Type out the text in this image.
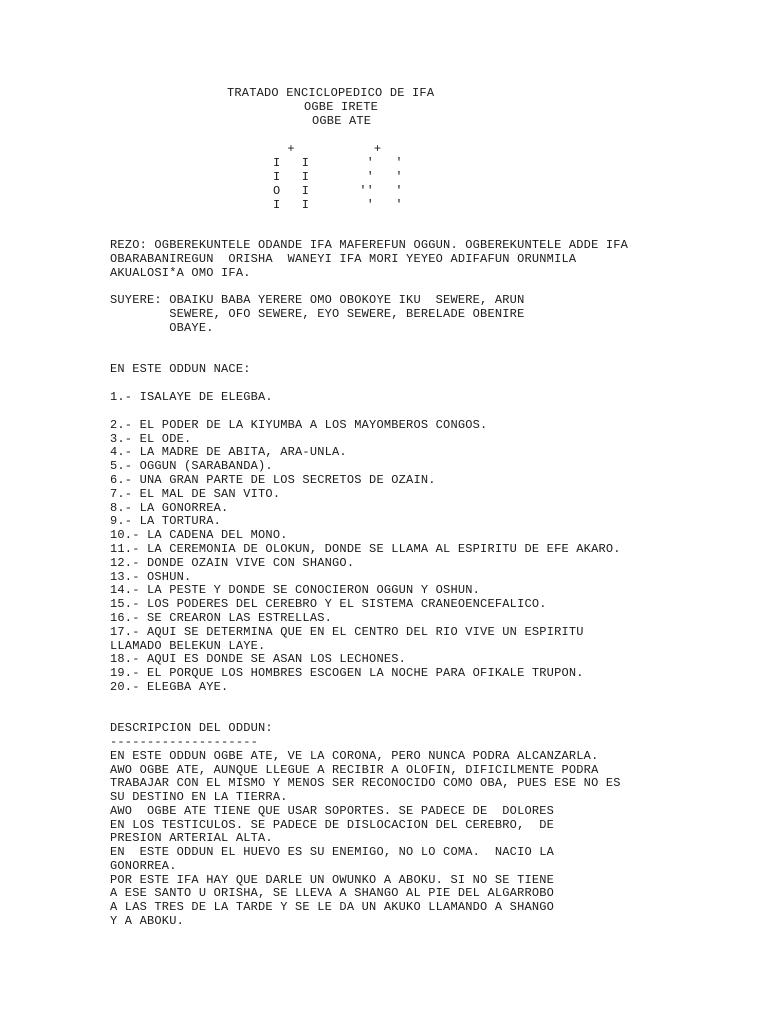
TRATADO ENCICLOPEDICO DE IFA
OGBE IRETE
OGBE ATE
+           +
I   I        '   '
I   I        '   '
O   I       ''   '
I   I        '   '
REZO: OGBEREKUNTELE ODANDE IFA MAFEREFUN OGGUN. OGBEREKUNTELE ADDE IFA
OBARABANIREGUN  ORISHA  WANEYI IFA MORI YEYEO ADIFAFUN ORUNMILA
AKUALOSI*A OMO IFA.
SUYERE: OBAIKU BABA YERERE OMO OBOKOYE IKU  SEWERE, ARUN
SEWERE, OFO SEWERE, EYO SEWERE, BERELADE OBENIRE
OBAYE.
EN ESTE ODDUN NACE:
1.- ISALAYE DE ELEGBA.
2.- EL PODER DE LA KIYUMBA A LOS MAYOMBEROS CONGOS.
3.- EL ODE.
4.- LA MADRE DE ABITA, ARA-UNLA.
5.- OGGUN (SARABANDA).
6.- UNA GRAN PARTE DE LOS SECRETOS DE OZAIN.
7.- EL MAL DE SAN VITO.
8.- LA GONORREA.
9.- LA TORTURA.
10.- LA CADENA DEL MONO.
11.- LA CEREMONIA DE OLOKUN, DONDE SE LLAMA AL ESPIRITU DE EFE AKARO.
12.- DONDE OZAIN VIVE CON SHANGO.
13.- OSHUN.
14.- LA PESTE Y DONDE SE CONOCIERON OGGUN Y OSHUN.
15.- LOS PODERES DEL CEREBRO Y EL SISTEMA CRANEOENCEFALICO.
16.- SE CREARON LAS ESTRELLAS.
17.- AQUI SE DETERMINA QUE EN EL CENTRO DEL RIO VIVE UN ESPIRITU
LLAMADO BELEKUN LAYE.
18.- AQUI ES DONDE SE ASAN LOS LECHONES.
19.- EL PORQUE LOS HOMBRES ESCOGEN LA NOCHE PARA OFIKALE TRUPON.
20.- ELEGBA AYE.
DESCRIPCION DEL ODDUN:
--------------------
EN ESTE ODDUN OGBE ATE, VE LA CORONA, PERO NUNCA PODRA ALCANZARLA.
AWO OGBE ATE, AUNQUE LLEGUE A RECIBIR A OLOFIN, DIFICILMENTE PODRA
TRABAJAR CON EL MISMO Y MENOS SER RECONOCIDO COMO OBA, PUES ESE NO ES
SU DESTINO EN LA TIERRA.
AWO  OGBE ATE TIENE QUE USAR SOPORTES. SE PADECE DE  DOLORES
EN LOS TESTICULOS. SE PADECE DE DISLOCACION DEL CEREBRO,  DE
PRESION ARTERIAL ALTA.
EN  ESTE ODDUN EL HUEVO ES SU ENEMIGO, NO LO COMA.  NACIO LA
GONORREA.
POR ESTE IFA HAY QUE DARLE UN OWUNKO A ABOKU. SI NO SE TIENE
A ESE SANTO U ORISHA, SE LLEVA A SHANGO AL PIE DEL ALGARROBO
A LAS TRES DE LA TARDE Y SE LE DA UN AKUKO LLAMANDO A SHANGO
Y A ABOKU.
